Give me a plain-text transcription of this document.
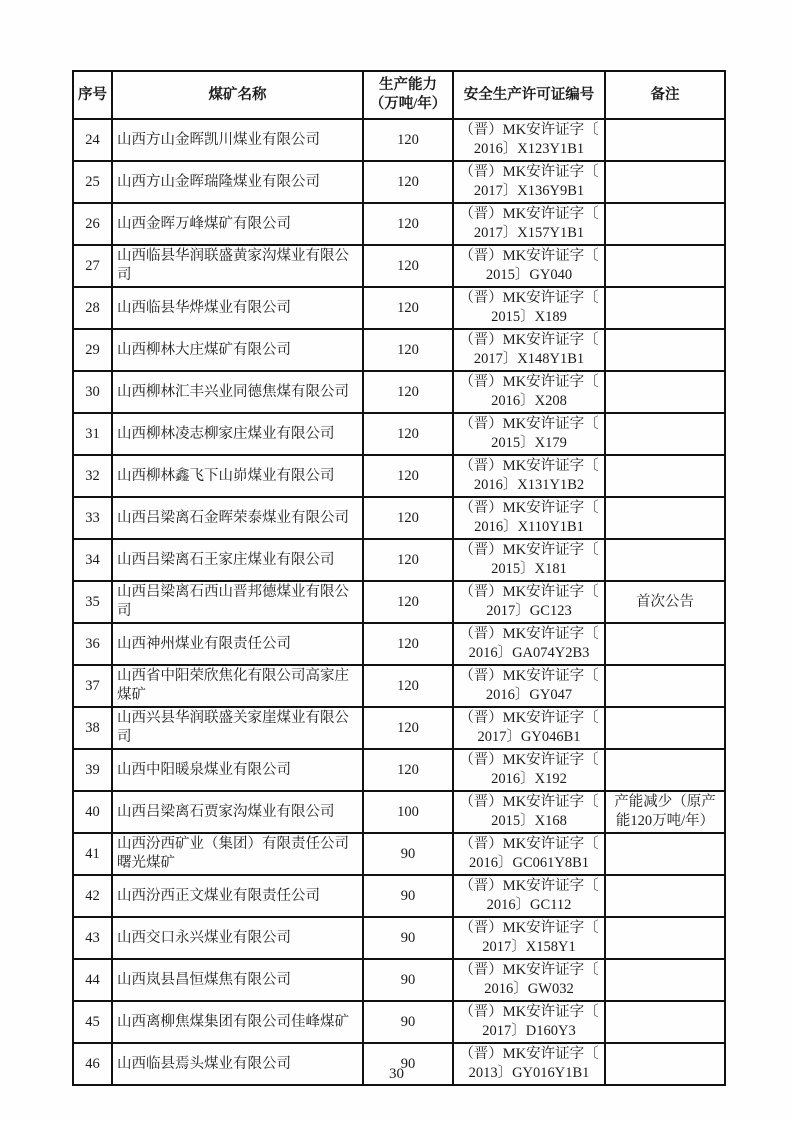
序号	煤矿名称	生产能力
（万吨/年）	安全生产许可证编号	备注
24	山西方山金晖凯川煤业有限公司	120	（晋）MK安许证字〔
2016〕X123Y1B1	

25	山西方山金晖瑞隆煤业有限公司	120	（晋）MK安许证字〔
2017〕X136Y9B1	

26	山西金晖万峰煤矿有限公司	120	（晋）MK安许证字〔
2017〕X157Y1B1	

27	山西临县华润联盛黄家沟煤业有限公司	120	（晋）MK安许证字〔
2015〕GY040	

28	山西临县华烨煤业有限公司	120	（晋）MK安许证字〔
2015〕X189	

29	山西柳林大庄煤矿有限公司	120	（晋）MK安许证字〔
2017〕X148Y1B1	

30	山西柳林汇丰兴业同德焦煤有限公司	120	（晋）MK安许证字〔
2016〕X208	

31	山西柳林凌志柳家庄煤业有限公司	120	（晋）MK安许证字〔
2015〕X179	

32	山西柳林鑫飞下山峁煤业有限公司	120	（晋）MK安许证字〔
2016〕X131Y1B2	

33	山西吕梁离石金晖荣泰煤业有限公司	120	（晋）MK安许证字〔
2016〕X110Y1B1	

34	山西吕梁离石王家庄煤业有限公司	120	（晋）MK安许证字〔
2015〕X181	

35	山西吕梁离石西山晋邦德煤业有限公司	120	（晋）MK安许证字〔
2017〕GC123	首次公告
36	山西神州煤业有限责任公司	120	（晋）MK安许证字〔
2016〕GA074Y2B3	

37	山西省中阳荣欣焦化有限公司高家庄煤矿	120	（晋）MK安许证字〔
2016〕GY047	

38	山西兴县华润联盛关家崖煤业有限公司	120	（晋）MK安许证字〔
2017〕GY046B1	

39	山西中阳暖泉煤业有限公司	120	（晋）MK安许证字〔
2016〕X192	

40	山西吕梁离石贾家沟煤业有限公司	100	（晋）MK安许证字〔
2015〕X168	产能减少（原产能120万吨/年）
41	山西汾西矿业（集团）有限责任公司曙光煤矿	90	（晋）MK安许证字〔
2016〕GC061Y8B1	

42	山西汾西正文煤业有限责任公司	90	（晋）MK安许证字〔
2016〕GC112	

43	山西交口永兴煤业有限公司	90	（晋）MK安许证字〔
2017〕X158Y1	

44	山西岚县昌恒煤焦有限公司	90	（晋）MK安许证字〔
2016〕GW032	

45	山西离柳焦煤集团有限公司佳峰煤矿	90	（晋）MK安许证字〔
2017〕D160Y3	

46	山西临县焉头煤业有限公司	90	（晋）MK安许证字〔
2013〕GY016Y1B1	

30
